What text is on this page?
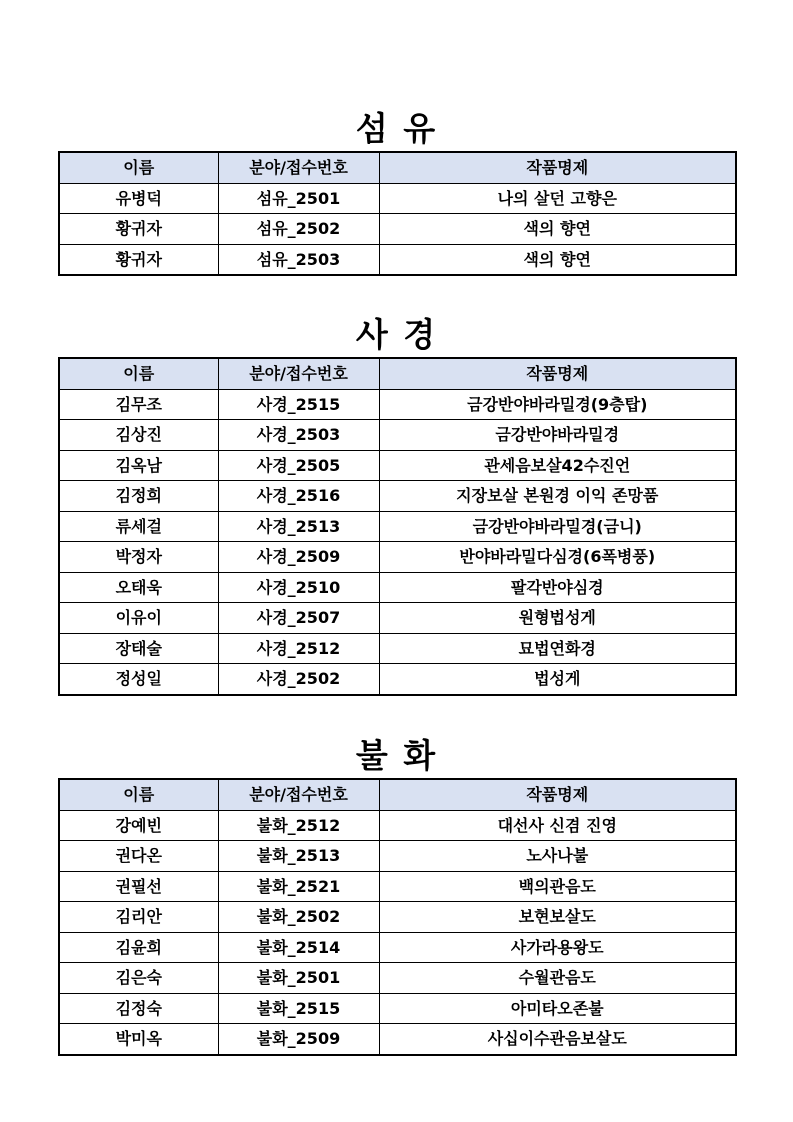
섬 유
이름	분야/접수번호	작품명제
유병덕	섬유_2501	나의 살던 고향은
황귀자	섬유_2502	색의 향연
황귀자	섬유_2503	색의 향연
사 경
이름	분야/접수번호	작품명제
김무조	사경_2515	금강반야바라밀경(9층탑)
김상진	사경_2503	금강반야바라밀경
김옥남	사경_2505	관세음보살42수진언
김정희	사경_2516	지장보살 본원경 이익 존망품
류세걸	사경_2513	금강반야바라밀경(금니)
박정자	사경_2509	반야바라밀다심경(6폭병풍)
오태욱	사경_2510	팔각반야심경
이유이	사경_2507	원형법성게
장태술	사경_2512	묘법연화경
정성일	사경_2502	법성게
불 화
이름	분야/접수번호	작품명제
강예빈	불화_2512	대선사 신겸 진영
권다온	불화_2513	노사나불
권필선	불화_2521	백의관음도
김리안	불화_2502	보현보살도
김윤희	불화_2514	사가라용왕도
김은숙	불화_2501	수월관음도
김정숙	불화_2515	아미타오존불
박미옥	불화_2509	사십이수관음보살도
